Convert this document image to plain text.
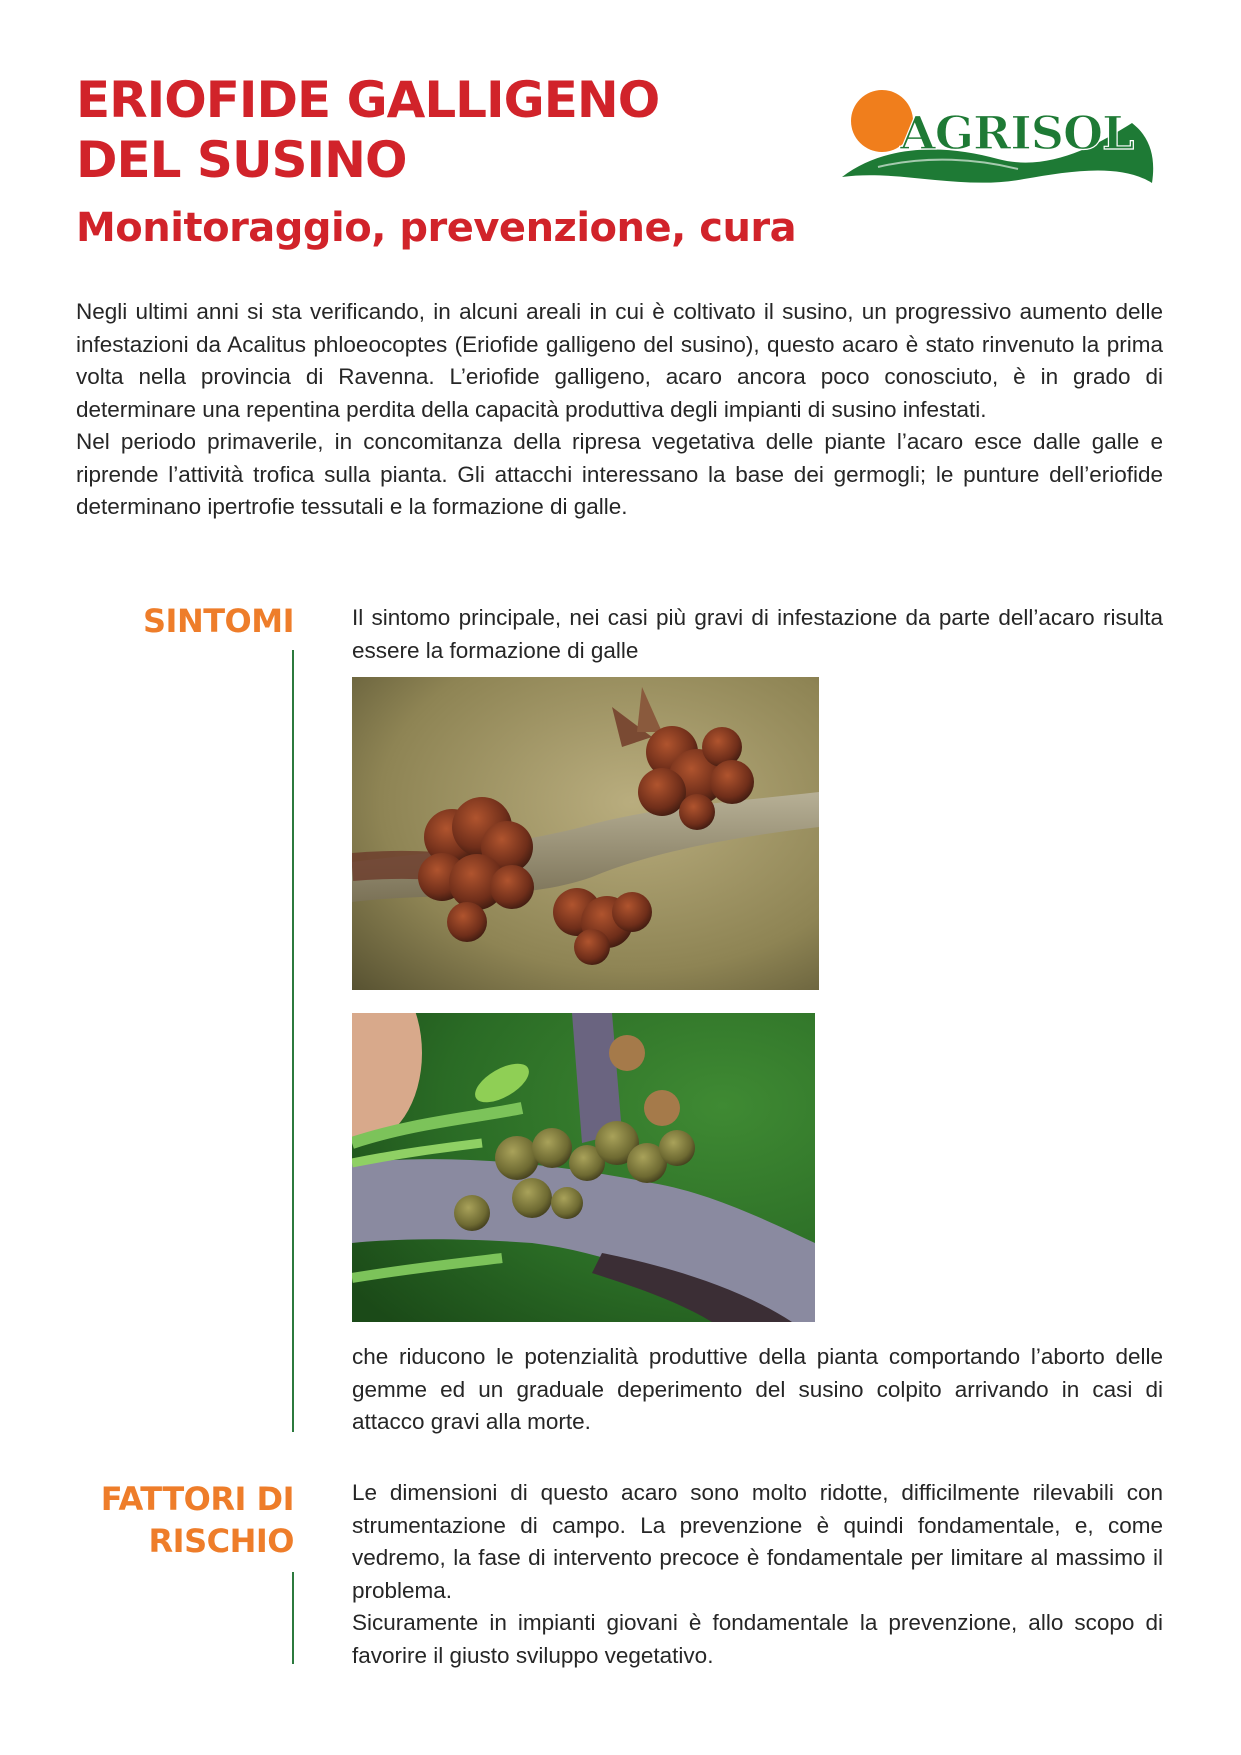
ERIOFIDE GALLIGENO
DEL SUSINO
Monitoraggio, prevenzione, cura
AGRISOL

Negli ultimi anni si sta verificando, in alcuni areali in cui è coltivato il susino, un progressivo aumento delle infestazioni da Acalitus phloeocoptes (Eriofide galligeno del susino), questo acaro è stato rinvenuto la prima volta nella provincia di Ravenna. L’eriofide galligeno, acaro ancora poco conosciuto, è in grado di determinare una repentina perdita della capacità produttiva degli impianti di susino infestati.

Nel periodo primaverile, in concomitanza della ripresa vegetativa delle piante l’acaro esce dalle galle e riprende l’attività trofica sulla pianta. Gli attacchi interessano la base dei germogli; le punture dell’eriofide determinano ipertrofie tessutali e la formazione di galle.

SINTOMI	Il sintomo principale, nei casi più gravi di infestazione da parte dell’acaro risulta essere la formazione di galle

che riducono le potenzialità produttive della pianta comportando l’aborto delle gemme ed un graduale deperimento del susino colpito arrivando in casi di attacco gravi alla morte.

FATTORI DI
RISCHIO

Le dimensioni di questo acaro sono molto ridotte, difficilmente rilevabili con strumentazione di campo. La prevenzione è quindi fondamentale, e, come vedremo, la fase di intervento precoce è fondamentale per limitare al massimo il problema.

Sicuramente in impianti giovani è fondamentale la prevenzione, allo scopo di favorire il giusto sviluppo vegetativo.
